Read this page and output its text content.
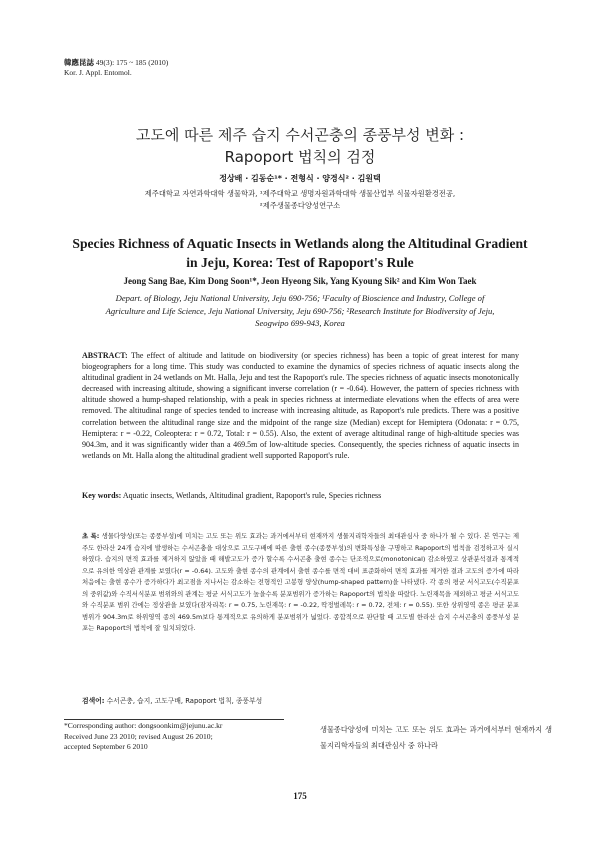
韓應昆誌 49(3): 175 ~ 185 (2010)
Kor. J. Appl. Entomol.
고도에 따른 제주 습지 수서곤충의 종풍부성 변화 :
Rapoport 법칙의 검정
정상배 · 김동순¹* · 전형식 · 양경식² · 김원택
제주대학교 자연과학대학 생물학과, ¹제주대학교 생명자원과학대학 생물산업부 식물자원환경전공,
²제주생물종다양성연구소
Species Richness of Aquatic Insects in Wetlands along the Altitudinal Gradient
in Jeju, Korea: Test of Rapoport's Rule
Jeong Sang Bae, Kim Dong Soon¹*, Jeon Hyeong Sik, Yang Kyoung Sik² and Kim Won Taek
Depart. of Biology, Jeju National University, Jeju 690-756; ¹Faculty of Bioscience and Industry, College of
Agriculture and Life Science, Jeju National University, Jeju 690-756; ²Research Institute for Biodiversity of Jeju,
Seogwipo 699-943, Korea
ABSTRACT: The effect of altitude and latitude on biodiversity (or species richness) has been a topic of great interest for many biogeographers for a long time. This study was conducted to examine the dynamics of species richness of aquatic insects along the altitudinal gradient in 24 wetlands on Mt. Halla, Jeju and test the Rapoport's rule. The species richness of aquatic insects monotonically decreased with increasing altitude, showing a significant inverse correlation (r = -0.64). However, the pattern of species richness with altitude showed a hump-shaped relationship, with a peak in species richness at intermediate elevations when the effects of area were removed. The altitudinal range of species tended to increase with increasing altitude, as Rapoport's rule predicts. There was a positive correlation between the altitudinal range size and the midpoint of the range size (Median) except for Hemiptera (Odonata: r = 0.75, Hemiptera: r = -0.22, Coleoptera: r = 0.72, Total: r = 0.55). Also, the extent of average altitudinal range of high-altitude species was 904.3m, and it was significantly wider than a 469.5m of low-altitude species. Consequently, the species richness of aquatic insects in wetlands on Mt. Halla along the altitudinal gradient well supported Rapoport's rule.
Key words: Aquatic insects, Wetlands, Altitudinal gradient, Rapoport's rule, Species richness
초 록: 생물다양성(또는 종풍부성)에 미치는 고도 또는 위도 효과는 과거에서부터 현재까지 생물지리학자들의 최대관심사 중 하나가 될 수 있다. 본 연구는 제주도 한라산 24개 습지에 발생하는 수서곤충을 대상으로 고도구배에 따른 출현 종수(종풍부성)의 변화특성을 구명하고 Rapoport의 법칙을 검정하고자 실시하였다. 습지의 면적 효과를 제거하지 않았을 때 해발고도가 증가 할수록 수서곤충 출현 종수는 단조적으로(monotonical) 감소하였고 상관분석결과 통계적으로 유의한 역상관 관계를 보였다(r = -0.64). 고도와 출현 종수의 관계에서 출현 종수를 면적 대비 표준화하여 면적 효과를 제거한 결과 고도의 증가에 따라 처음에는 출현 종수가 증가하다가 최고점을 지나서는 감소하는 전형적인 고봉형 양상(hump-shaped pattern)을 나타냈다. 각 종의 평균 서식고도(수직분포의 중위값)와 수직서식분포 범위와의 관계는 평균 서식고도가 높을수록 분포범위가 증가하는 Rapoport의 법칙을 따랐다. 노린재목을 제외하고 평균 서식고도와 수직분포 범위 간에는 정상관을 보였다(잠자리목: r = 0.75, 노린재목: r = -0.22, 딱정벌레목: r = 0.72, 전체: r = 0.55). 또한 상위영역 종은 평균 분포범위가 904.3m로 하위영역 종의 469.5m보다 통계적으로 유의하게 분포범위가 넓었다. 종합적으로 판단할 때 고도별 한라산 습지 수서곤충의 종풍부성 분포는 Rapoport의 법칙에 잘 일치되었다.
검색어: 수서곤충, 습지, 고도구배, Rapoport 법칙, 종풍부성
*Corresponding author: dongsoonkim@jejunu.ac.kr
Received June 23 2010; revised August 26 2010;
accepted September 6 2010
생물종다양성에 미치는 고도 또는 위도 효과는 과거에서부터 현재까지 생물지리학자들의 최대관심사 중 하나라
175
